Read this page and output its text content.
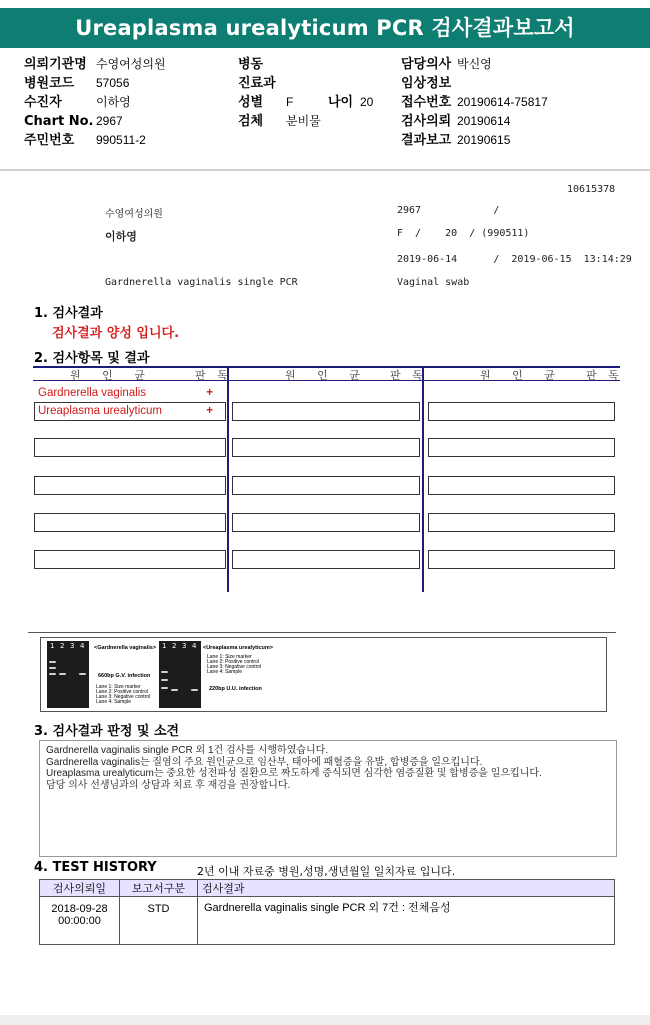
Ureaplasma urealyticum PCR 검사결과보고서
의뢰기관명 수영여성의원
병원코드 57056
수진자	이하영
Chart No. 2967
주민번호 990511-2
병동
진료과
성별 F
검체 분비물
나이 20
담당의사 박신영
임상정보
접수번호 20190614-75817
검사의뢰 20190614
결과보고 20190615
10615378
수영여성의원	2967            /
이하영	F  /    20  / (990511)
2019-06-14      /  2019-06-15  13:14:29
Gardnerella vaginalis single PCR	Vaginal swab
1. 검사결과
검사결과 양성 입니다.
2. 검사항목 및 결과
원 인 균	판 독	원 인 균 판 독	원 인 균 판 독
Gardnerella vaginalis	+
Ureaplasma urealyticum	+
1 2 3 4 <Gardnerella vaginalis>
660bp G.V. infection
Lane 1: Size marker
Lane 2: Positive control
Lane 3: Negative control
Lane 4: Sample
1 2 3 4 <Ureaplasma urealyticum>
Lane 1: Size marker
Lane 2: Positive control
Lane 3: Negative control
Lane 4: Sample
220bp U.U. infection
3. 검사결과 판정 및 소견
Gardnerella vaginalis single PCR 외 1건 검사를 시행하였습니다.
Gardnerella vaginalis는 질염의 주요 원인균으로 임산부, 태아에 패혈증을 유발, 합병증을 일으킵니다.
Ureaplasma urealyticum는 중요한 성전파성 질환으로 짜도하게 증식되면 심각한 염증질환 및 합병증을 일으킵니다.
담당 의사 선생님과의 상담과 치료 후 재검을 권장합니다.
4. TEST HISTORY	2년 이내 자료중 병원,성명,생년월일 일치자료 입니다.
검사의뢰일	보고서구분	검사결과

2018-09-28
00:00:00	STD	Gardnerella vaginalis single PCR 외 7건 : 전체음성
